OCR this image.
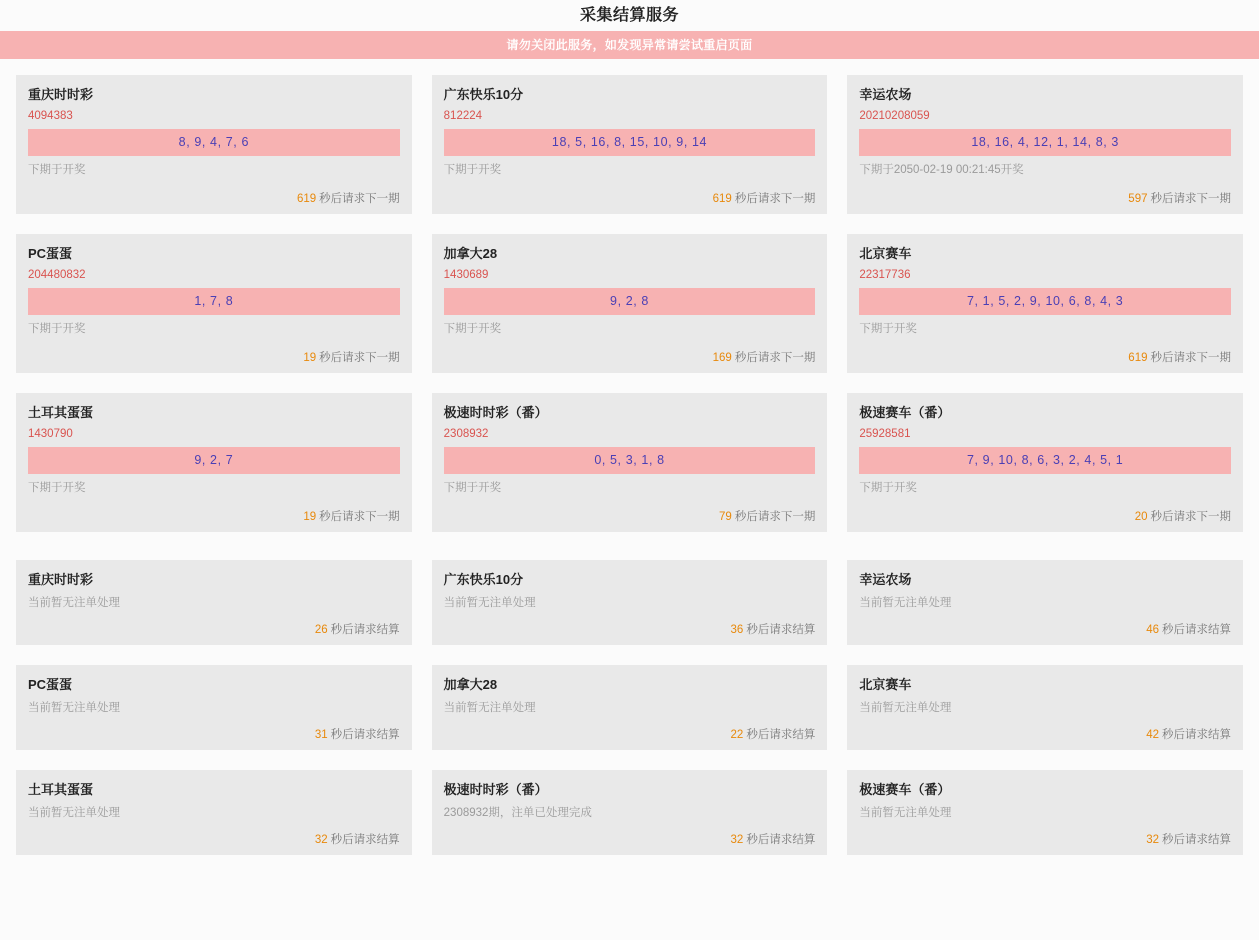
采集结算服务
请勿关闭此服务，如发现异常请尝试重启页面
重庆时时彩
4094383
8, 9, 4, 7, 6
下期于开奖
619 秒后请求下一期
广东快乐10分
812224
18, 5, 16, 8, 15, 10, 9, 14
下期于开奖
619 秒后请求下一期
幸运农场
20210208059
18, 16, 4, 12, 1, 14, 8, 3
下期于2050-02-19 00:21:45开奖
597 秒后请求下一期
PC蛋蛋
204480832
1, 7, 8
下期于开奖
19 秒后请求下一期
加拿大28
1430689
9, 2, 8
下期于开奖
169 秒后请求下一期
北京赛车
22317736
7, 1, 5, 2, 9, 10, 6, 8, 4, 3
下期于开奖
619 秒后请求下一期
土耳其蛋蛋
1430790
9, 2, 7
下期于开奖
19 秒后请求下一期
极速时时彩（番）
2308932
0, 5, 3, 1, 8
下期于开奖
79 秒后请求下一期
极速赛车（番）
25928581
7, 9, 10, 8, 6, 3, 2, 4, 5, 1
下期于开奖
20 秒后请求下一期
重庆时时彩
当前暂无注单处理
26 秒后请求结算
广东快乐10分
当前暂无注单处理
36 秒后请求结算
幸运农场
当前暂无注单处理
46 秒后请求结算
PC蛋蛋
当前暂无注单处理
31 秒后请求结算
加拿大28
当前暂无注单处理
22 秒后请求结算
北京赛车
当前暂无注单处理
42 秒后请求结算
土耳其蛋蛋
当前暂无注单处理
32 秒后请求结算
极速时时彩（番）
2308932期，注单已处理完成
32 秒后请求结算
极速赛车（番）
当前暂无注单处理
32 秒后请求结算
